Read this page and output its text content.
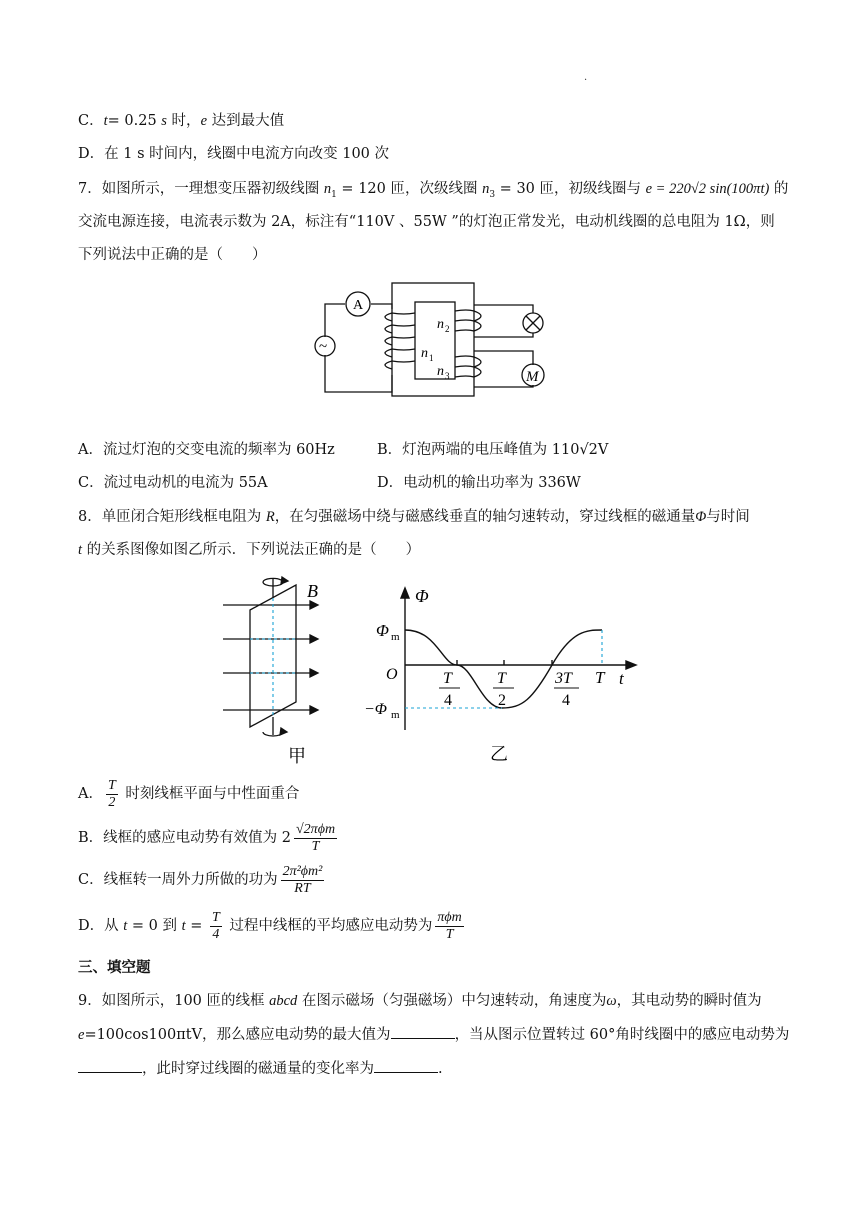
.
C．t= 0.25 s 时，e 达到最大值
D．在 1 s 时间内，线圈中电流方向改变 100 次
7．如图所示，一理想变压器初级线圈 $n_1 = 120$ 匝，次级线圈 $n_3 = 30$ 匝，初级线圈与 e = 220√2 sin(100πt) 的
交流电源连接，电流表示数为 2A，标注有“110V 、55W ”的灯泡正常发光，电动机线圈的总电阻为 1Ω，则
下列说法中正确的是（　　）
A
~	n 1
n 2
n 3	M
A．流过灯泡的交变电流的频率为 60Hz	B．灯泡两端的电压峰值为 110√2V
C．流过电动机的电流为 55A	D．电动机的输出功率为 336W
8．单匝闭合矩形线框电阻为 R，在匀强磁场中绕与磁感线垂直的轴匀速转动，穿过线框的磁通量Φ与时间
t 的关系图像如图乙所示．下列说法正确的是（　　）
B
甲
Φ
Φ m
O
−Φ m
T
4
T
2
3T
4
T t
乙
A． $\frac{T}{2}$ 时刻线框平面与中性面重合
B．线框的感应电动势有效值为 $2 \frac{\text{√2πϕm}}{T}$
C．线框转一周外力所做的功为 $\frac{\text{2π²ϕm²}}{RT}$
D．从 t = 0 到 $t = \frac{T}{4}$ 过程中线框的平均感应电动势为 $\frac{\text{πϕm}}{T}$
三、填空题
9．如图所示，100 匝的线框 abcd 在图示磁场（匀强磁场）中匀速转动，角速度为ω，其电动势的瞬时值为
e=100cos100πtV，那么感应电动势的最大值为	，当从图示位置转过 60°角时线圈中的感应电动势为
，此时穿过线圈的磁通量的变化率为	.
